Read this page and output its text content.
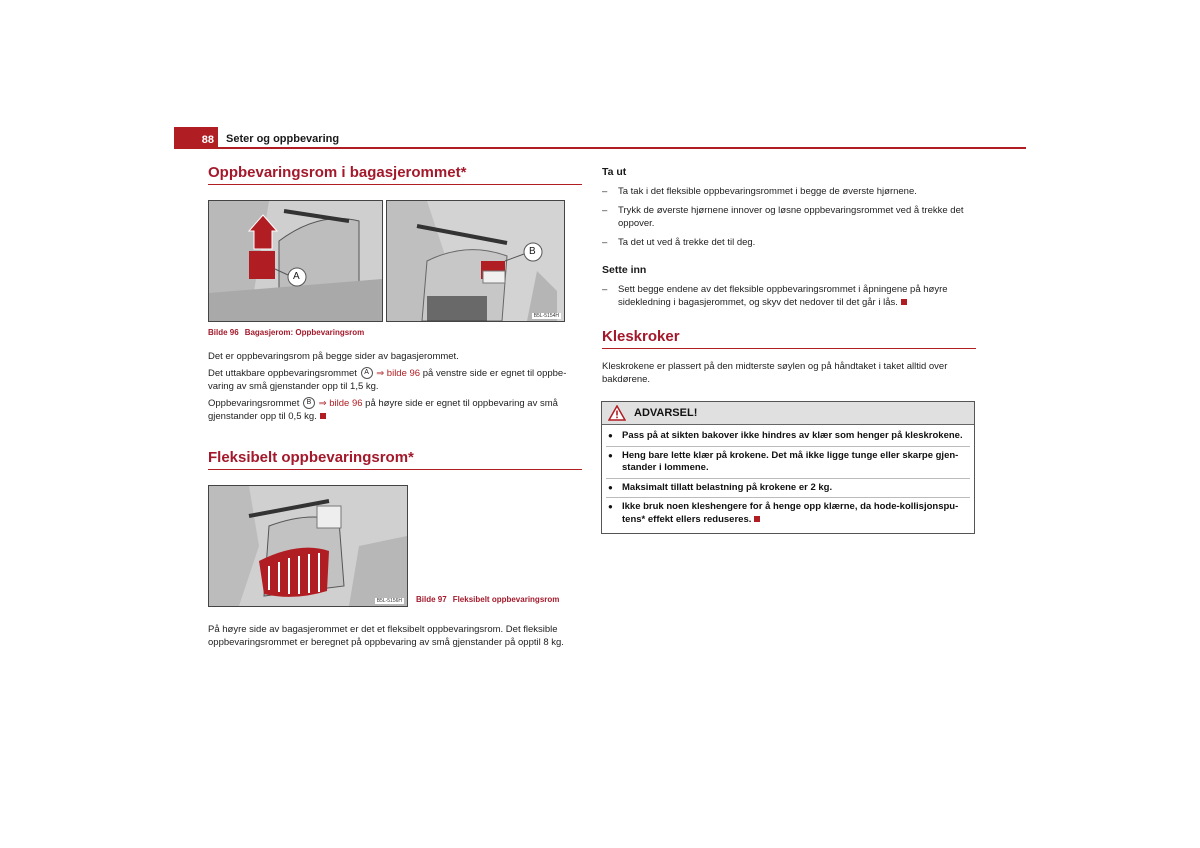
88	Seter og oppbevaring
Oppbevaringsrom i bagasjerommet*
A
B
B5L-5154H
Bilde 96 Bagasjerom: Oppbevaringsrom

Det er oppbevaringsrom på begge sider av bagasjerommet.

Det uttakbare oppbevaringsrommet A ⇒ bilde 96 på venstre side er egnet til oppbe-varing av små gjenstander opp til 1,5 kg.

Oppbevaringsrommet B ⇒ bilde 96 på høyre side er egnet til oppbevaring av små gjenstander opp til 0,5 kg.

Fleksibelt oppbevaringsrom*
B5L-5156H Bilde 97 Fleksibelt oppbevaringsrom

På høyre side av bagasjerommet er det et fleksibelt oppbevaringsrom. Det fleksible oppbevaringsrommet er beregnet på oppbevaring av små gjenstander på opptil 8 kg.

Ta ut
– Ta tak i det fleksible oppbevaringsrommet i begge de øverste hjørnene.
– Trykk de øverste hjørnene innover og løsne oppbevaringsrommet ved å trekke det oppover.
– Ta det ut ved å trekke det til deg.
Sette inn
– Sett begge endene av det fleksible oppbevaringsrommet i åpningene på høyre sidekledning i bagasjerommet, og skyv det nedover til det går i lås.
Kleskroker

Kleskrokene er plassert på den midterste søylen og på håndtaket i taket alltid over bakdørene.

ADVARSEL!
● Pass på at sikten bakover ikke hindres av klær som henger på kleskrokene.
● Heng bare lette klær på krokene. Det må ikke ligge tunge eller skarpe gjen-stander i lommene.
● Maksimalt tillatt belastning på krokene er 2 kg.
● Ikke bruk noen kleshengere for å henge opp klærne, da hode-kollisjonspu-tens* effekt ellers reduseres.
